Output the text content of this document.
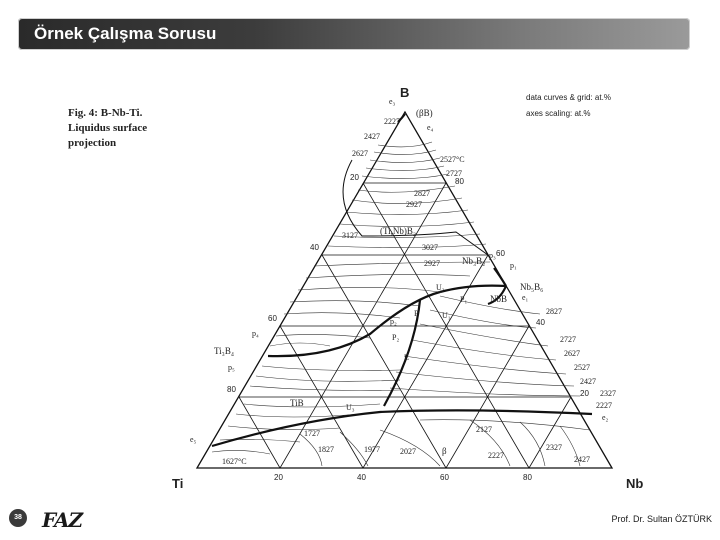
Örnek Çalışma Sorusu
B
Ti	Nb
20	40	60	80
20
40
60
80	20
40
60
80
Fig. 4: B-Nb-Ti.
Liquidus surface
projection
data curves & grid: at.%
axes scaling: at.%
(βB)
(Ti,Nb)B₂
Nb₃B₂
Nb₅B₆
NbB
Ti₃B₄
TiB
β
e₃
e₄
e₅
e₂
e₁
p₁
p₂
p₃
p₄
p₅
P₁
P₂
U₁
U₂
U₃
P
E
2227
2427
2627
2527°C
2727
2827
2927
3127
3027
2927
2827
2727
2627
2527
2427
2327
2227
1727
1827	1977	2027
2127
2227
2327
2427
1627°C
38 FAZ	Prof. Dr. Sultan ÖZTÜRK
